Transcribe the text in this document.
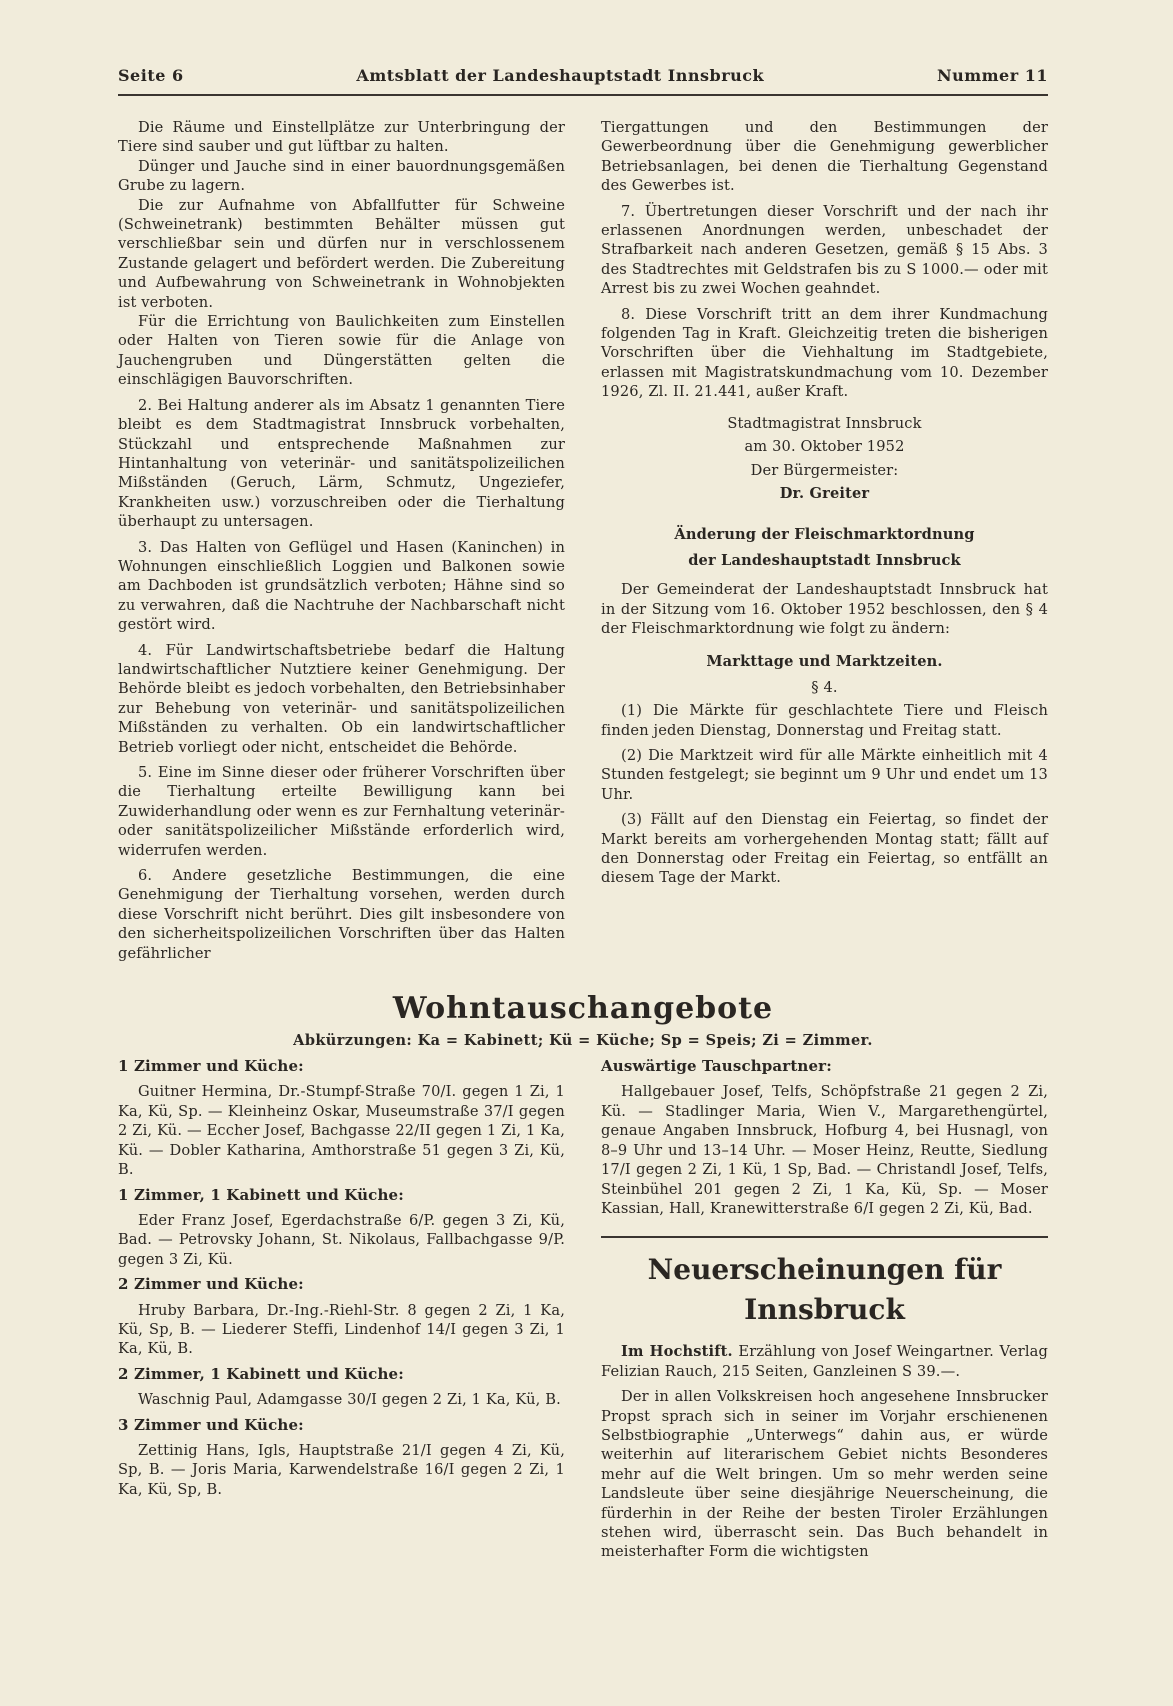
Seite 6	Amtsblatt der Landeshauptstadt Innsbruck	Nummer 11

Die Räume und Einstellplätze zur Unterbringung der Tiere sind sauber und gut lüftbar zu halten.

Dünger und Jauche sind in einer bauordnungsgemäßen Grube zu lagern.

Die zur Aufnahme von Abfallfutter für Schweine (Schweinetrank) bestimmten Behälter müssen gut verschließbar sein und dürfen nur in verschlossenem Zustande gelagert und befördert werden. Die Zubereitung und Aufbewahrung von Schweinetrank in Wohnobjekten ist verboten.

Für die Errichtung von Baulichkeiten zum Einstellen oder Halten von Tieren sowie für die Anlage von Jauchengruben und Düngerstätten gelten die einschlägigen Bauvorschriften.

2. Bei Haltung anderer als im Absatz 1 genannten Tiere bleibt es dem Stadtmagistrat Innsbruck vorbehalten, Stückzahl und entsprechende Maßnahmen zur Hintanhaltung von veterinär- und sanitätspolizeilichen Mißständen (Geruch, Lärm, Schmutz, Ungeziefer, Krankheiten usw.) vorzuschreiben oder die Tierhaltung überhaupt zu untersagen.

3. Das Halten von Geflügel und Hasen (Kaninchen) in Wohnungen einschließlich Loggien und Balkonen sowie am Dachboden ist grundsätzlich verboten; Hähne sind so zu verwahren, daß die Nachtruhe der Nachbarschaft nicht gestört wird.

4. Für Landwirtschaftsbetriebe bedarf die Haltung landwirtschaftlicher Nutztiere keiner Genehmigung. Der Behörde bleibt es jedoch vorbehalten, den Betriebsinhaber zur Behebung von veterinär- und sanitätspolizeilichen Mißständen zu verhalten. Ob ein landwirtschaftlicher Betrieb vorliegt oder nicht, entscheidet die Behörde.

5. Eine im Sinne dieser oder früherer Vorschriften über die Tierhaltung erteilte Bewilligung kann bei Zuwiderhandlung oder wenn es zur Fernhaltung veterinär- oder sanitätspolizeilicher Mißstände erforderlich wird, widerrufen werden.

6. Andere gesetzliche Bestimmungen, die eine Genehmigung der Tierhaltung vorsehen, werden durch diese Vorschrift nicht berührt. Dies gilt insbesondere von den sicherheitspolizeilichen Vorschriften über das Halten gefährlicher

Tiergattungen und den Bestimmungen der Gewerbeordnung über die Genehmigung gewerblicher Betriebsanlagen, bei denen die Tierhaltung Gegenstand des Gewerbes ist.

7. Übertretungen dieser Vorschrift und der nach ihr erlassenen Anordnungen werden, unbeschadet der Strafbarkeit nach anderen Gesetzen, gemäß § 15 Abs. 3 des Stadtrechtes mit Geldstrafen bis zu S 1000.— oder mit Arrest bis zu zwei Wochen geahndet.

8. Diese Vorschrift tritt an dem ihrer Kundmachung folgenden Tag in Kraft. Gleichzeitig treten die bisherigen Vorschriften über die Viehhaltung im Stadtgebiete, erlassen mit Magistratskundmachung vom 10. Dezember 1926, Zl. II. 21.441, außer Kraft.

Stadtmagistrat Innsbruck

am 30. Oktober 1952

Der Bürgermeister:

Dr. Greiter

Änderung der Fleischmarktordnung

der Landeshauptstadt Innsbruck

Der Gemeinderat der Landeshauptstadt Innsbruck hat in der Sitzung vom 16. Oktober 1952 beschlossen, den § 4 der Fleischmarktordnung wie folgt zu ändern:

Markttage und Marktzeiten.

§ 4.

(1) Die Märkte für geschlachtete Tiere und Fleisch finden jeden Dienstag, Donnerstag und Freitag statt.

(2) Die Marktzeit wird für alle Märkte einheitlich mit 4 Stunden festgelegt; sie beginnt um 9 Uhr und endet um 13 Uhr.

(3) Fällt auf den Dienstag ein Feiertag, so findet der Markt bereits am vorhergehenden Montag statt; fällt auf den Donnerstag oder Freitag ein Feiertag, so entfällt an diesem Tage der Markt.

Wohntauschangebote
Abkürzungen: Ka = Kabinett; Kü = Küche; Sp = Speis; Zi = Zimmer.

1 Zimmer und Küche:

Guitner Hermina, Dr.-Stumpf-Straße 70/I. gegen 1 Zi, 1 Ka, Kü, Sp. — Kleinheinz Oskar, Museumstraße 37/I gegen 2 Zi, Kü. — Eccher Josef, Bachgasse 22/II gegen 1 Zi, 1 Ka, Kü. — Dobler Katharina, Amthorstraße 51 gegen 3 Zi, Kü, B.

1 Zimmer, 1 Kabinett und Küche:

Eder Franz Josef, Egerdachstraße 6/P. gegen 3 Zi, Kü, Bad. — Petrovsky Johann, St. Nikolaus, Fallbachgasse 9/P. gegen 3 Zi, Kü.

2 Zimmer und Küche:

Hruby Barbara, Dr.-Ing.-Riehl-Str. 8 gegen 2 Zi, 1 Ka, Kü, Sp, B. — Liederer Steffi, Lindenhof 14/I gegen 3 Zi, 1 Ka, Kü, B.

2 Zimmer, 1 Kabinett und Küche:

Waschnig Paul, Adamgasse 30/I gegen 2 Zi, 1 Ka, Kü, B.

3 Zimmer und Küche:

Zettinig Hans, Igls, Hauptstraße 21/I gegen 4 Zi, Kü, Sp, B. — Joris Maria, Karwendelstraße 16/I gegen 2 Zi, 1 Ka, Kü, Sp, B.

Auswärtige Tauschpartner:

Hallgebauer Josef, Telfs, Schöpfstraße 21 gegen 2 Zi, Kü. — Stadlinger Maria, Wien V., Margarethengürtel, genaue Angaben Innsbruck, Hofburg 4, bei Husnagl, von 8–9 Uhr und 13–14 Uhr. — Moser Heinz, Reutte, Siedlung 17/I gegen 2 Zi, 1 Kü, 1 Sp, Bad. — Christandl Josef, Telfs, Steinbühel 201 gegen 2 Zi, 1 Ka, Kü, Sp. — Moser Kassian, Hall, Kranewitterstraße 6/I gegen 2 Zi, Kü, Bad.

Neuerscheinungen für Innsbruck

Im Hochstift. Erzählung von Josef Weingartner. Verlag Felizian Rauch, 215 Seiten, Ganzleinen S 39.—.

Der in allen Volkskreisen hoch angesehene Innsbrucker Propst sprach sich in seiner im Vorjahr erschienenen Selbstbiographie „Unterwegs“ dahin aus, er würde weiterhin auf literarischem Gebiet nichts Besonderes mehr auf die Welt bringen. Um so mehr werden seine Landsleute über seine diesjährige Neuerscheinung, die fürderhin in der Reihe der besten Tiroler Erzählungen stehen wird, überrascht sein. Das Buch behandelt in meisterhafter Form die wichtigsten
